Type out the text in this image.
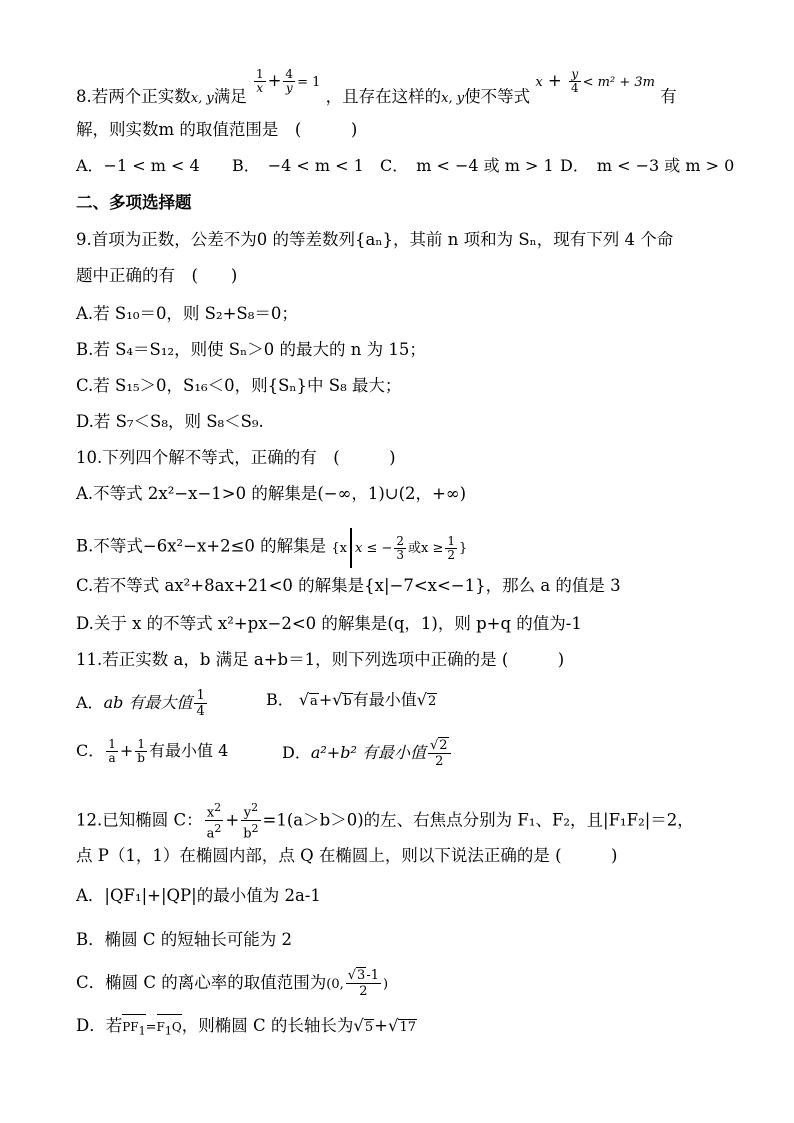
8.若两个正实数x, y满足
$\frac{1}{x} + \frac{4}{y} = 1$ ，且存在这样的x, y使不等式 $x + \frac{y}{4} < m^2 + 3m$ 有
解，则实数m 的取值范围是　(　　　)
A．−1 < m < 4 B．　−4 < m < 1 C．　m < −4 或 m > 1 D．　m < −3 或 m > 0
二、多项选择题
9.首项为正数，公差不为0 的等差数列{aₙ}，其前 n 项和为 Sₙ，现有下列 4 个命
题中正确的有　(　　)
A.若 S₁₀＝0，则 S₂+S₈＝0；
B.若 S₄＝S₁₂，则使 Sₙ＞0 的最大的 n 为 15；
C.若 S₁₅＞0，S₁₆＜0，则{Sₙ}中 S₈ 最大；
D.若 S₇＜S₈，则 S₈＜S₉.
10.下列四个解不等式，正确的有　(　　　)
A.不等式 2x²−x−1>0 的解集是(−∞，1)∪(2，+∞)
B.不等式−6x²−x+2≤0 的解集是 {x x ≤ − $\frac{2}{3}$ 或$x \ge \frac{1}{2}$ }
C.若不等式 ax²+8ax+21<0 的解集是{x|−7<x<−1}，那么 a 的值是 3
D.关于 x 的不等式 x²+px−2<0 的解集是(q，1)，则 p+q 的值为-1
11.若正实数 a，b 满足 a+b＝1，则下列选项中正确的是 (　　　)
A．ab 有最大值 $\frac{1}{4}$	B． √a+√b有最小值√2
C． $\frac{1}{a} + \frac{1}{b}$ 有最小值 4	D．a²+b² 有最小值 $\frac{√2}{2}$
12.已知椭圆 C： $\frac{x^2}{a^2} + \frac{y^2}{b^2} =1(a>b>0)$的左、右焦点分别为 F₁、F₂，且|F₁F₂|＝2，
点 P（1，1）在椭圆内部，点 Q 在椭圆上，则以下说法正确的是 (　　　)
A．|QF₁|+|QP|的最小值为 2a-1
B．椭圆 C 的短轴长可能为 2
C．椭圆 C 的离心率的取值范围为(0, $\frac{√3-1}{2}$ )
D．若$PF_1=F_1Q$，则椭圆 C 的长轴长为√5+√17
